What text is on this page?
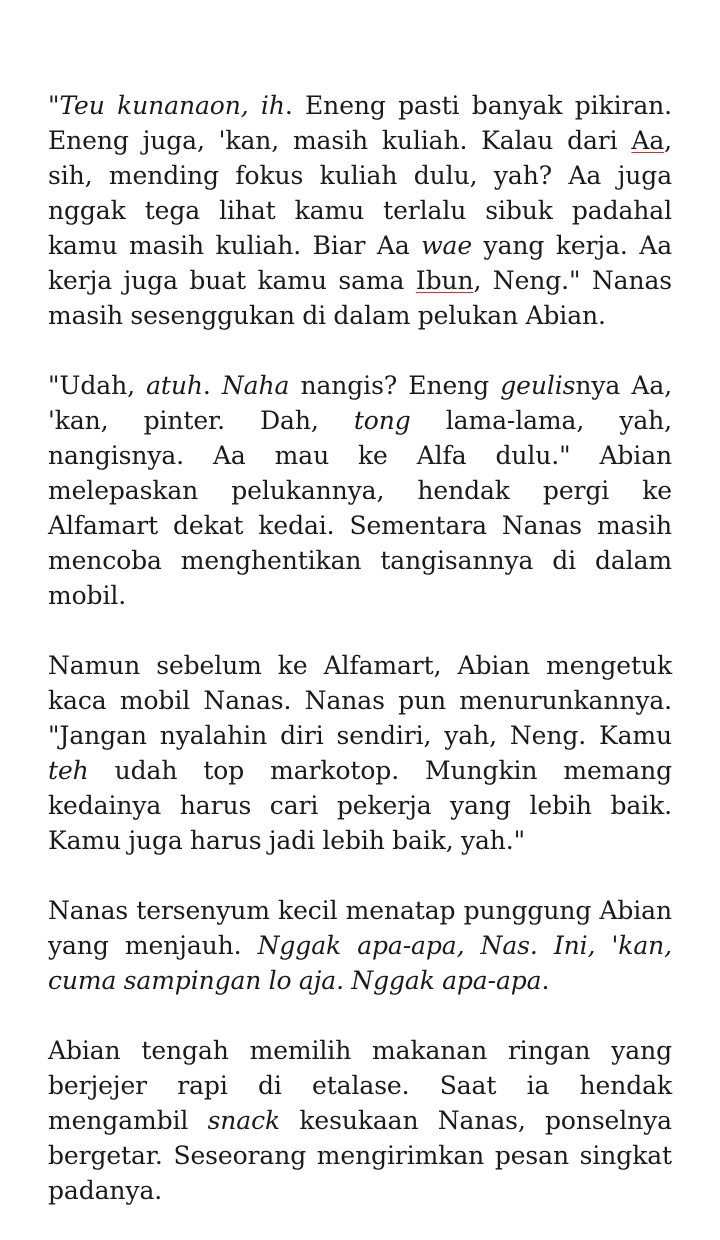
"Teu kunanaon, ih. Eneng pasti banyak pikiran. Eneng juga, 'kan, masih kuliah. Kalau dari Aa, sih, mending fokus kuliah dulu, yah? Aa juga nggak tega lihat kamu terlalu sibuk padahal kamu masih kuliah. Biar Aa wae yang kerja. Aa kerja juga buat kamu sama Ibun, Neng." Nanas masih sesenggukan di dalam pelukan Abian.

"Udah, atuh. Naha nangis? Eneng geulisnya Aa, 'kan, pinter. Dah, tong lama-lama, yah, nangisnya. Aa mau ke Alfa dulu." Abian melepaskan pelukannya, hendak pergi ke Alfamart dekat kedai. Sementara Nanas masih mencoba menghentikan tangisannya di dalam mobil.

Namun sebelum ke Alfamart, Abian mengetuk kaca mobil Nanas. Nanas pun menurunkannya. "Jangan nyalahin diri sendiri, yah, Neng. Kamu teh udah top markotop. Mungkin memang kedainya harus cari pekerja yang lebih baik. Kamu juga harus jadi lebih baik, yah."

Nanas tersenyum kecil menatap punggung Abian yang menjauh. Nggak apa-apa, Nas. Ini, 'kan, cuma sampingan lo aja. Nggak apa-apa.

Abian tengah memilih makanan ringan yang berjejer rapi di etalase. Saat ia hendak mengambil snack kesukaan Nanas, ponselnya bergetar. Seseorang mengirimkan pesan singkat padanya.
